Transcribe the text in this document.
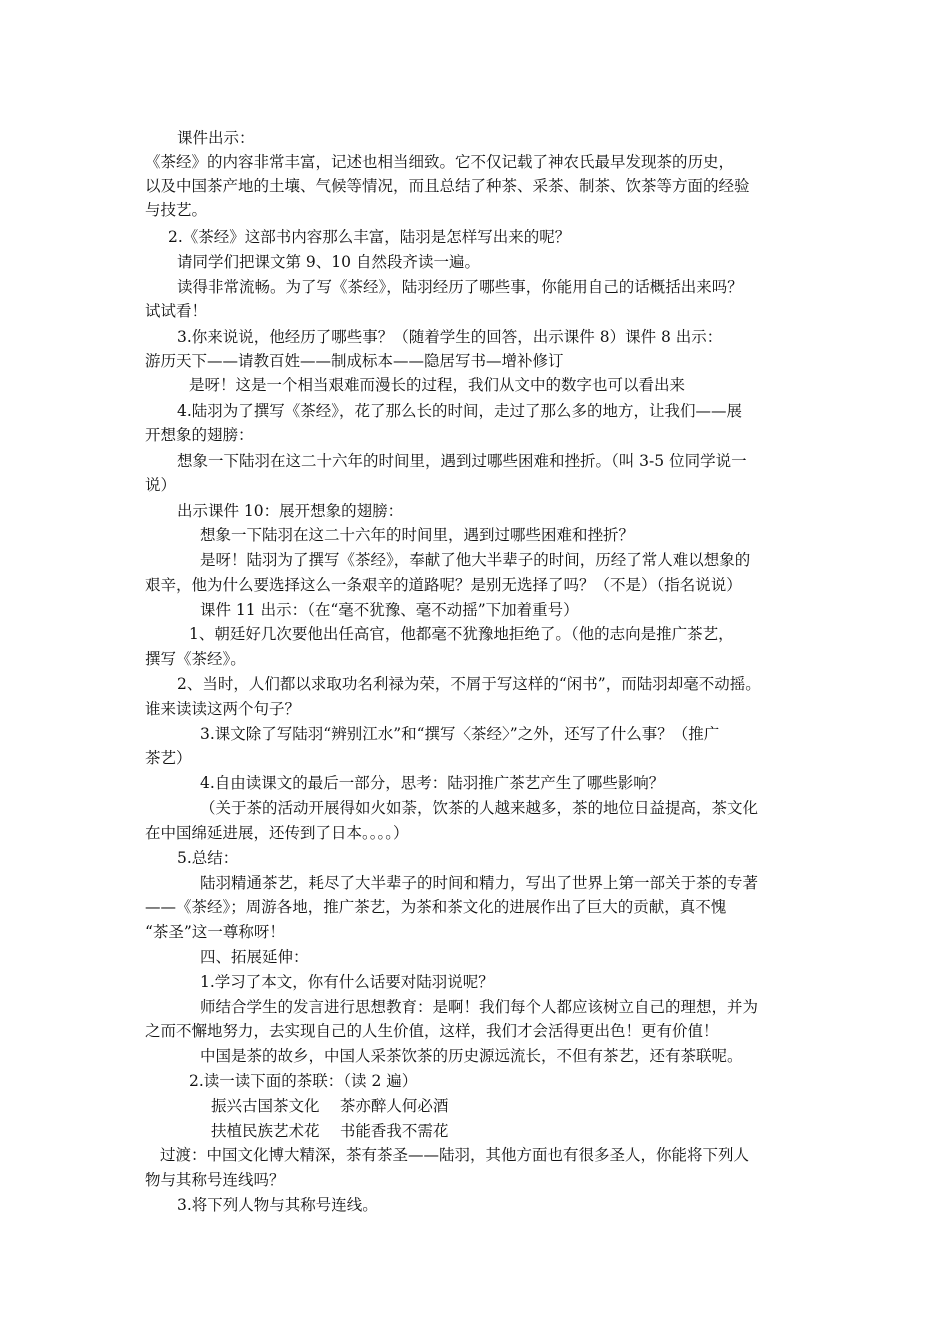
课件出示：
《茶经》的内容非常丰富，记述也相当细致。它不仅记载了神农氏最早发现茶的历史，
以及中国茶产地的土壤、气候等情况，而且总结了种茶、采茶、制茶、饮茶等方面的经验
与技艺。
2.《茶经》这部书内容那么丰富，陆羽是怎样写出来的呢？
请同学们把课文第 9、10 自然段齐读一遍。
读得非常流畅。为了写《茶经》，陆羽经历了哪些事，你能用自己的话概括出来吗？
试试看！
3.你来说说，他经历了哪些事？（随着学生的回答，出示课件 8）课件 8 出示：
游历天下——请教百姓——制成标本——隐居写书—增补修订
是呀！这是一个相当艰难而漫长的过程，我们从文中的数字也可以看出来
4.陆羽为了撰写《茶经》，花了那么长的时间，走过了那么多的地方，让我们——展
开想象的翅膀：
想象一下陆羽在这二十六年的时间里，遇到过哪些困难和挫折。（叫 3-5 位同学说一
说）
出示课件 10：展开想象的翅膀：
想象一下陆羽在这二十六年的时间里，遇到过哪些困难和挫折？
是呀！陆羽为了撰写《茶经》，奉献了他大半辈子的时间，历经了常人难以想象的
艰辛，他为什么要选择这么一条艰辛的道路呢？是别无选择了吗？（不是）（指名说说）
课件 11 出示：（在“毫不犹豫、毫不动摇”下加着重号）
1、朝廷好几次要他出任高官，他都毫不犹豫地拒绝了。（他的志向是推广茶艺，
撰写《茶经》。
2、当时，人们都以求取功名利禄为荣，不屑于写这样的“闲书”，而陆羽却毫不动摇。
谁来读读这两个句子？
3.课文除了写陆羽“辨别江水”和“撰写〈茶经〉”之外，还写了什么事？（推广
茶艺）
4.自由读课文的最后一部分，思考：陆羽推广茶艺产生了哪些影响？
（关于茶的活动开展得如火如荼，饮茶的人越来越多，茶的地位日益提高，茶文化
在中国绵延进展，还传到了日本。。。。）
5.总结：
陆羽精通茶艺，耗尽了大半辈子的时间和精力，写出了世界上第一部关于茶的专著
——《茶经》；周游各地，推广茶艺，为茶和茶文化的进展作出了巨大的贡献，真不愧
“茶圣”这一尊称呀！
四、拓展延伸：
1.学习了本文，你有什么话要对陆羽说呢？
师结合学生的发言进行思想教育：是啊！我们每个人都应该树立自己的理想，并为
之而不懈地努力，去实现自己的人生价值，这样，我们才会活得更出色！更有价值！
中国是茶的故乡，中国人采茶饮茶的历史源远流长，不但有茶艺，还有茶联呢。
2.读一读下面的茶联：（读 2 遍）
振兴古国茶文化　 茶亦醉人何必酒
扶植民族艺术花　 书能香我不需花
过渡：中国文化博大精深，茶有茶圣——陆羽，其他方面也有很多圣人，你能将下列人
物与其称号连线吗？
3.将下列人物与其称号连线。
